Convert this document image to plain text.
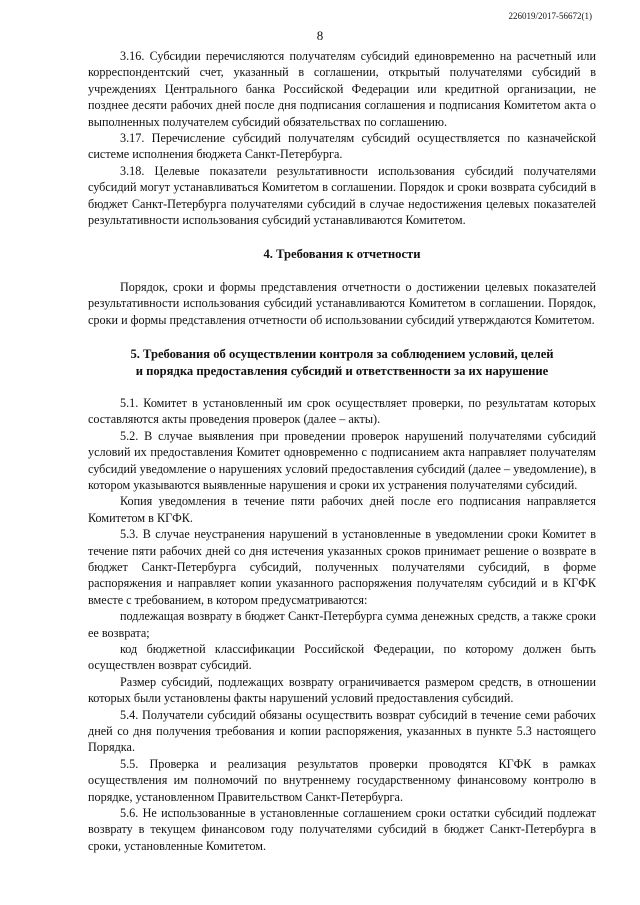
226019/2017-56672(1)
8

3.16. Субсидии перечисляются получателям субсидий единовременно на расчетный или корреспондентский счет, указанный в соглашении, открытый получателями субсидий в учреждениях Центрального банка Российской Федерации или кредитной организации, не позднее десяти рабочих дней после дня подписания соглашения и подписания Комитетом акта о выполненных получателем субсидий обязательствах по соглашению.

3.17. Перечисление субсидий получателям субсидий осуществляется по казначейской системе исполнения бюджета Санкт-Петербурга.

3.18. Целевые показатели результативности использования субсидий получателями субсидий могут устанавливаться Комитетом в соглашении. Порядок и сроки возврата субсидий в бюджет Санкт-Петербурга получателями субсидий в случае недостижения целевых показателей результативности использования субсидий устанавливаются Комитетом.

4. Требования к отчетности

Порядок, сроки и формы представления отчетности о достижении целевых показателей результативности использования субсидий устанавливаются Комитетом в соглашении. Порядок, сроки и формы представления отчетности об использовании субсидий утверждаются Комитетом.

5. Требования об осуществлении контроля за соблюдением условий, целей
и порядка предоставления субсидий и ответственности за их нарушение

5.1. Комитет в установленный им срок осуществляет проверки, по результатам которых составляются акты проведения проверок (далее – акты).

5.2. В случае выявления при проведении проверок нарушений получателями субсидий условий их предоставления Комитет одновременно с подписанием акта направляет получателям субсидий уведомление о нарушениях условий предоставления субсидий (далее – уведомление), в котором указываются выявленные нарушения и сроки их устранения получателями субсидий.

Копия уведомления в течение пяти рабочих дней после его подписания направляется Комитетом в КГФК.

5.3. В случае неустранения нарушений в установленные в уведомлении сроки Комитет в течение пяти рабочих дней со дня истечения указанных сроков принимает решение о возврате в бюджет Санкт-Петербурга субсидий, полученных получателями субсидий, в форме распоряжения и направляет копии указанного распоряжения получателям субсидий и в КГФК вместе с требованием, в котором предусматриваются:

подлежащая возврату в бюджет Санкт-Петербурга сумма денежных средств, а также сроки ее возврата;

код бюджетной классификации Российской Федерации, по которому должен быть осуществлен возврат субсидий.

Размер субсидий, подлежащих возврату ограничивается размером средств, в отношении которых были установлены факты нарушений условий предоставления субсидий.

5.4. Получатели субсидий обязаны осуществить возврат субсидий в течение семи рабочих дней со дня получения требования и копии распоряжения, указанных в пункте 5.3 настоящего Порядка.

5.5. Проверка и реализация результатов проверки проводятся КГФК в рамках осуществления им полномочий по внутреннему государственному финансовому контролю в порядке, установленном Правительством Санкт-Петербурга.

5.6. Не использованные в установленные соглашением сроки остатки субсидий подлежат возврату в текущем финансовом году получателями субсидий в бюджет Санкт-Петербурга в сроки, установленные Комитетом.
